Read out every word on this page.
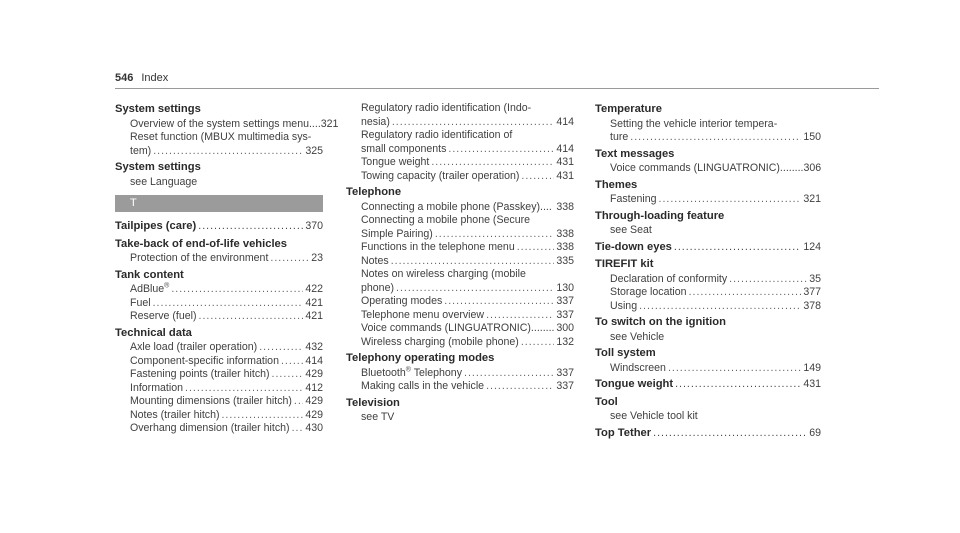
546 Index
System settings
Overview of the system settings menu.... 321
Reset function (MBUX multimedia sys-
tem) .....	325
System settings
see Language
T
Tailpipes (care) .....	370
Take-back of end-of-life vehicles
Protection of the environment .....	23
Tank content
AdBlue® .....	422
Fuel .....	421
Reserve (fuel) .....	421
Technical data
Axle load (trailer operation) .....	432
Component-specific information ..... 414
Fastening points (trailer hitch) .....	429
Information .....	412
Mounting dimensions (trailer hitch) ..... 429
Notes (trailer hitch) .....	429
Overhang dimension (trailer hitch) ..... 430
Regulatory radio identification (Indo-
nesia) .....	414
Regulatory radio identification of
small components .....	414
Tongue weight .....	431
Towing capacity (trailer operation) .....	431
Telephone
Connecting a mobile phone (Passkey).... 338
Connecting a mobile phone (Secure
Simple Pairing) .....	338
Functions in the telephone menu .....	338
Notes .....	335
Notes on wireless charging (mobile
phone) .....	130
Operating modes .....	337
Telephone menu overview .....	337
Voice commands (LINGUATRONIC)........ 300
Wireless charging (mobile phone) .....	132
Telephony operating modes
Bluetooth® Telephony .....	337
Making calls in the vehicle .....	337
Television
see TV
Temperature
Setting the vehicle interior tempera-
ture .....	150
Text messages
Voice commands (LINGUATRONIC)........ 306
Themes
Fastening .....	321
Through-loading feature
see Seat
Tie-down eyes .....	124
TIREFIT kit
Declaration of conformity .....	35
Storage location .....	377
Using .....	378
To switch on the ignition
see Vehicle
Toll system
Windscreen .....	149
Tongue weight .....	431
Tool
see Vehicle tool kit
Top Tether .....	69
